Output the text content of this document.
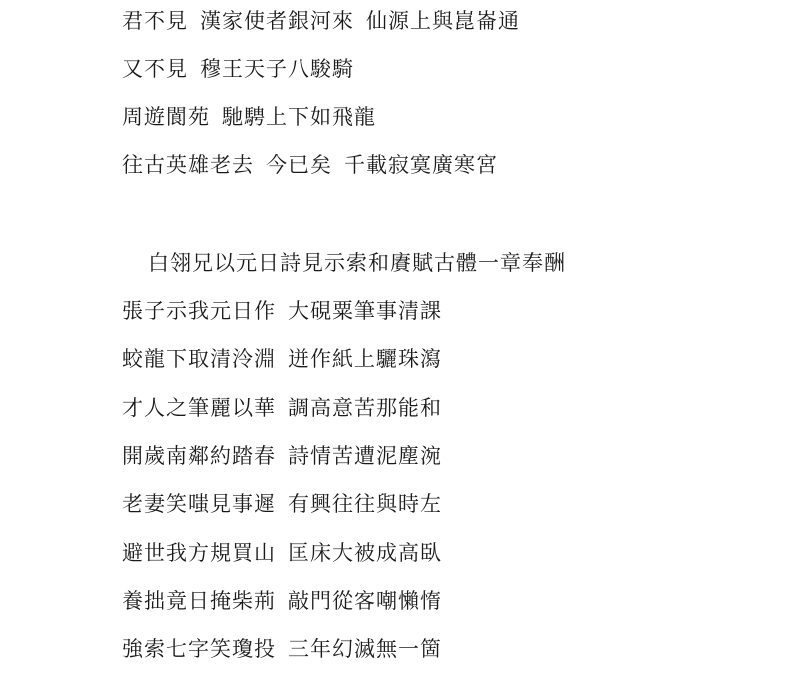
君不見 漢家使者銀河來 仙源上與崑崙通
又不見 穆王天子八駿騎
周遊閬苑 馳騁上下如飛龍
往古英雄老去 今已矣 千載寂寞廣寒宮
白翎兄以元日詩見示索和賡賦古體一章奉酬
張子示我元日作 大硯粟筆事清課
蛟龍下取清泠淵 迸作紙上驪珠瀉
才人之筆麗以華 調高意苦那能和
開歲南鄰約踏春 詩情苦遭泥塵涴
老妻笑嗤見事遲 有興往往與時左
避世我方規買山 匡床大被成高臥
養拙竟日掩柴荊 敲門從客嘲懶惰
強索七字笑瓊投 三年幻滅無一箇
